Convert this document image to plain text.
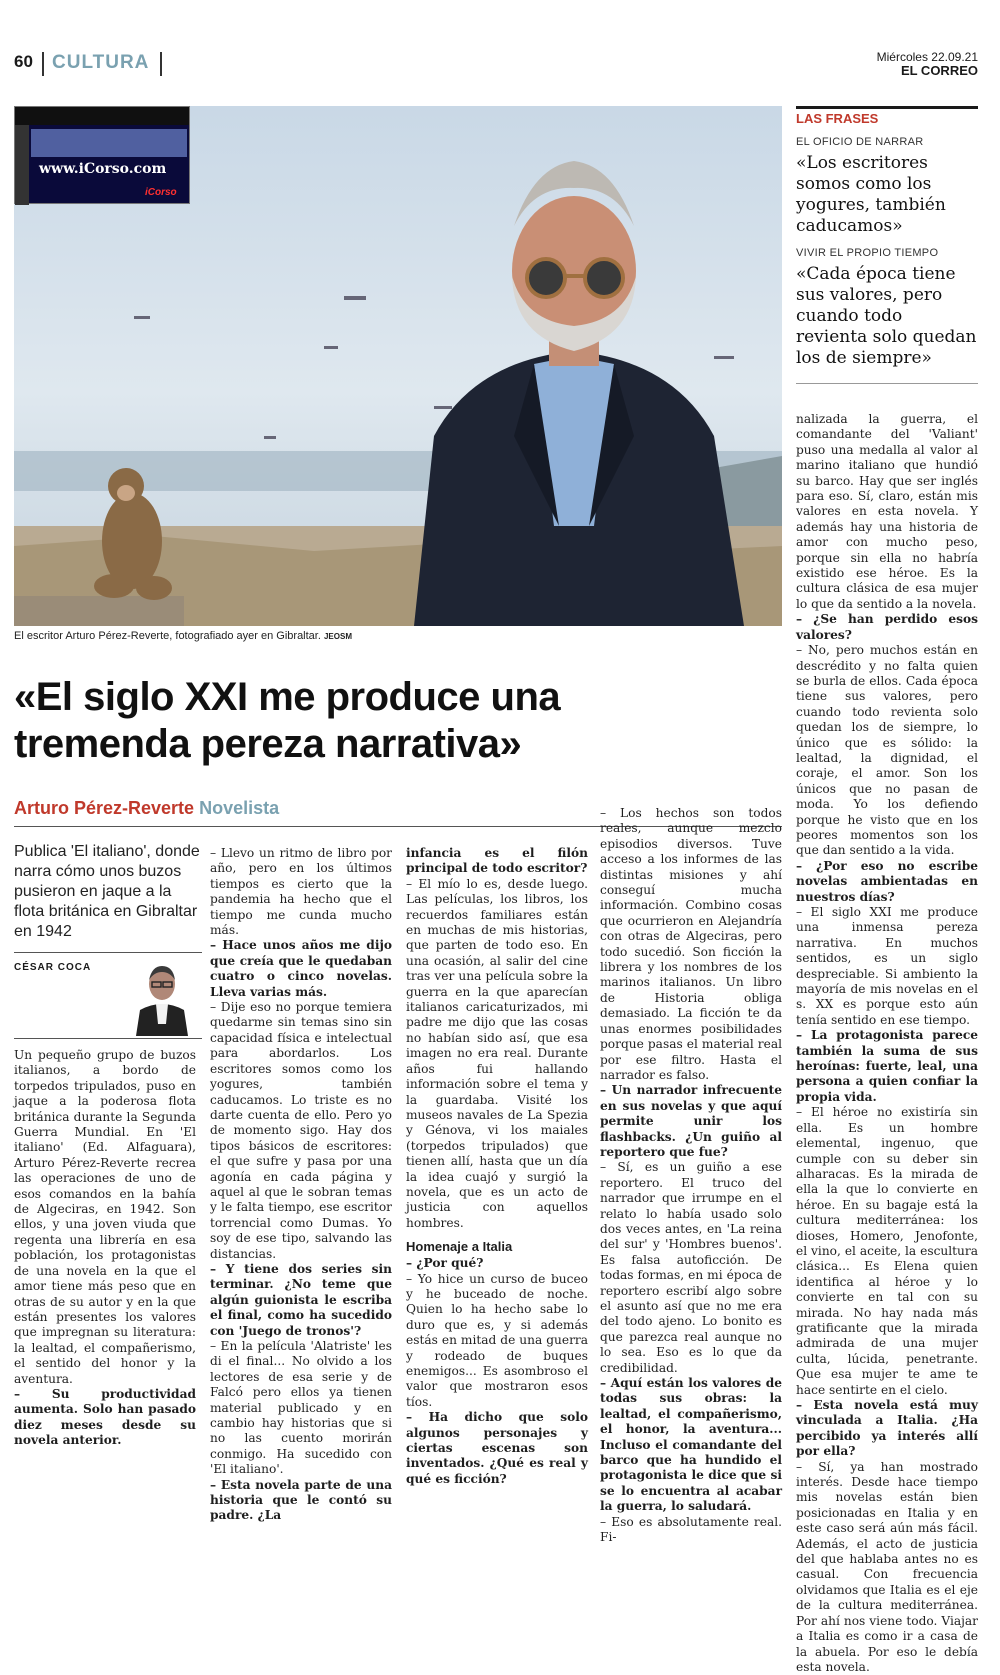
60 CULTURA	Miércoles 22.09.21
EL CORREO
www.iCorso.com
iCorso
El escritor Arturo Pérez-Reverte, fotografiado ayer en Gibraltar. JEOSM
LAS FRASES
EL OFICIO DE NARRAR
«Los escritores somos como los yogures, también caducamos»
VIVIR EL PROPIO TIEMPO
«Cada época tiene sus valores, pero cuando todo revienta solo quedan los de siempre»
«El siglo XXI me produce una
tremenda pereza narrativa»
Arturo Pérez-Reverte Novelista
Publica 'El italiano', donde narra cómo unos buzos pusieron en jaque a la flota británica en Gibraltar en 1942
CÉSAR COCA

Un pequeño grupo de buzos italianos, a bordo de torpedos tripulados, puso en jaque a la poderosa flota británica durante la Segunda Guerra Mundial. En 'El italiano' (Ed. Alfaguara), Arturo Pérez-Reverte recrea las operaciones de uno de esos comandos en la bahía de Algeciras, en 1942. Son ellos, y una joven viuda que regenta una librería en esa población, los protagonistas de una novela en la que el amor tiene más peso que en otras de su autor y en la que están presentes los valores que impregnan su literatura: la lealtad, el compañerismo, el sentido del honor y la aventura.

– Su productividad aumenta. Solo han pasado diez meses desde su novela anterior.

– Llevo un ritmo de libro por año, pero en los últimos tiempos es cierto que la pandemia ha hecho que el tiempo me cunda mucho más.

– Hace unos años me dijo que creía que le quedaban cuatro o cinco novelas. Lleva varias más.

– Dije eso no porque temiera quedarme sin temas sino sin capacidad física e intelectual para abordarlos. Los escritores somos como los yogures, también caducamos. Lo triste es no darte cuenta de ello. Pero yo de momento sigo. Hay dos tipos básicos de escritores: el que sufre y pasa por una agonía en cada página y aquel al que le sobran temas y le falta tiempo, ese escritor torrencial como Dumas. Yo soy de ese tipo, salvando las distancias.

– Y tiene dos series sin terminar. ¿No teme que algún guionista le escriba el final, como ha sucedido con 'Juego de tronos'?

– En la película 'Alatriste' les di el final... No olvido a los lectores de esa serie y de Falcó pero ellos ya tienen material publicado y en cambio hay historias que si no las cuento morirán conmigo. Ha sucedido con 'El italiano'.

– Esta novela parte de una historia que le contó su padre. ¿La

infancia es el filón principal de todo escritor?

– El mío lo es, desde luego. Las películas, los libros, los recuerdos familiares están en muchas de mis historias, que parten de todo eso. En una ocasión, al salir del cine tras ver una película sobre la guerra en la que aparecían italianos caricaturizados, mi padre me dijo que las cosas no habían sido así, que esa imagen no era real. Durante años fui hallando información sobre el tema y la guardaba. Visité los museos navales de La Spezia y Génova, vi los maiales (torpedos tripulados) que tienen allí, hasta que un día la idea cuajó y surgió la novela, que es un acto de justicia con aquellos hombres.

Homenaje a Italia

– ¿Por qué?

– Yo hice un curso de buceo y he buceado de noche. Quien lo ha hecho sabe lo duro que es, y si además estás en mitad de una guerra y rodeado de buques enemigos... Es asombroso el valor que mostraron esos tíos.

– Ha dicho que solo algunos personajes y ciertas escenas son inventados. ¿Qué es real y qué es ficción?

– Los hechos son todos reales, aunque mezclo episodios diversos. Tuve acceso a los informes de las distintas misiones y ahí conseguí mucha información. Combino cosas que ocurrieron en Alejandría con otras de Algeciras, pero todo sucedió. Son ficción la librera y los nombres de los marinos italianos. Un libro de Historia obliga demasiado. La ficción te da unas enormes posibilidades porque pasas el material real por ese filtro. Hasta el narrador es falso.

– Un narrador infrecuente en sus novelas y que aquí permite unir los flashbacks. ¿Un guiño al reportero que fue?

– Sí, es un guiño a ese reportero. El truco del narrador que irrumpe en el relato lo había usado solo dos veces antes, en 'La reina del sur' y 'Hombres buenos'. Es falsa autoficción. De todas formas, en mi época de reportero escribí algo sobre el asunto así que no me era del todo ajeno. Lo bonito es que parezca real aunque no lo sea. Eso es lo que da credibilidad.

– Aquí están los valores de todas sus obras: la lealtad, el compañerismo, el honor, la aventura... Incluso el comandante del barco que ha hundido el protagonista le dice que si se lo encuentra al acabar la guerra, lo saludará.

– Eso es absolutamente real. Fi-

nalizada la guerra, el comandante del 'Valiant' puso una medalla al valor al marino italiano que hundió su barco. Hay que ser inglés para eso. Sí, claro, están mis valores en esta novela. Y además hay una historia de amor con mucho peso, porque sin ella no habría existido ese héroe. Es la cultura clásica de esa mujer lo que da sentido a la novela.

– ¿Se han perdido esos valores?

– No, pero muchos están en descrédito y no falta quien se burla de ellos. Cada época tiene sus valores, pero cuando todo revienta solo quedan los de siempre, lo único que es sólido: la lealtad, la dignidad, el coraje, el amor. Son los únicos que no pasan de moda. Yo los defiendo porque he visto que en los peores momentos son los que dan sentido a la vida.

– ¿Por eso no escribe novelas ambientadas en nuestros días?

– El siglo XXI me produce una inmensa pereza narrativa. En muchos sentidos, es un siglo despreciable. Si ambiento la mayoría de mis novelas en el s. XX es porque esto aún tenía sentido en ese tiempo.

– La protagonista parece también la suma de sus heroínas: fuerte, leal, una persona a quien confiar la propia vida.

– El héroe no existiría sin ella. Es un hombre elemental, ingenuo, que cumple con su deber sin alharacas. Es la mirada de ella la que lo convierte en héroe. En su bagaje está la cultura mediterránea: los dioses, Homero, Jenofonte, el vino, el aceite, la escultura clásica... Es Elena quien identifica al héroe y lo convierte en tal con su mirada. No hay nada más gratificante que la mirada admirada de una mujer culta, lúcida, penetrante. Que esa mujer te ame te hace sentirte en el cielo.

– Esta novela está muy vinculada a Italia. ¿Ha percibido ya interés allí por ella?

– Sí, ya han mostrado interés. Desde hace tiempo mis novelas están bien posicionadas en Italia y en este caso será aún más fácil. Además, el acto de justicia del que hablaba antes no es casual. Con frecuencia olvidamos que Italia es el eje de la cultura mediterránea. Por ahí nos viene todo. Viajar a Italia es como ir a casa de la abuela. Por eso le debía esta novela.
